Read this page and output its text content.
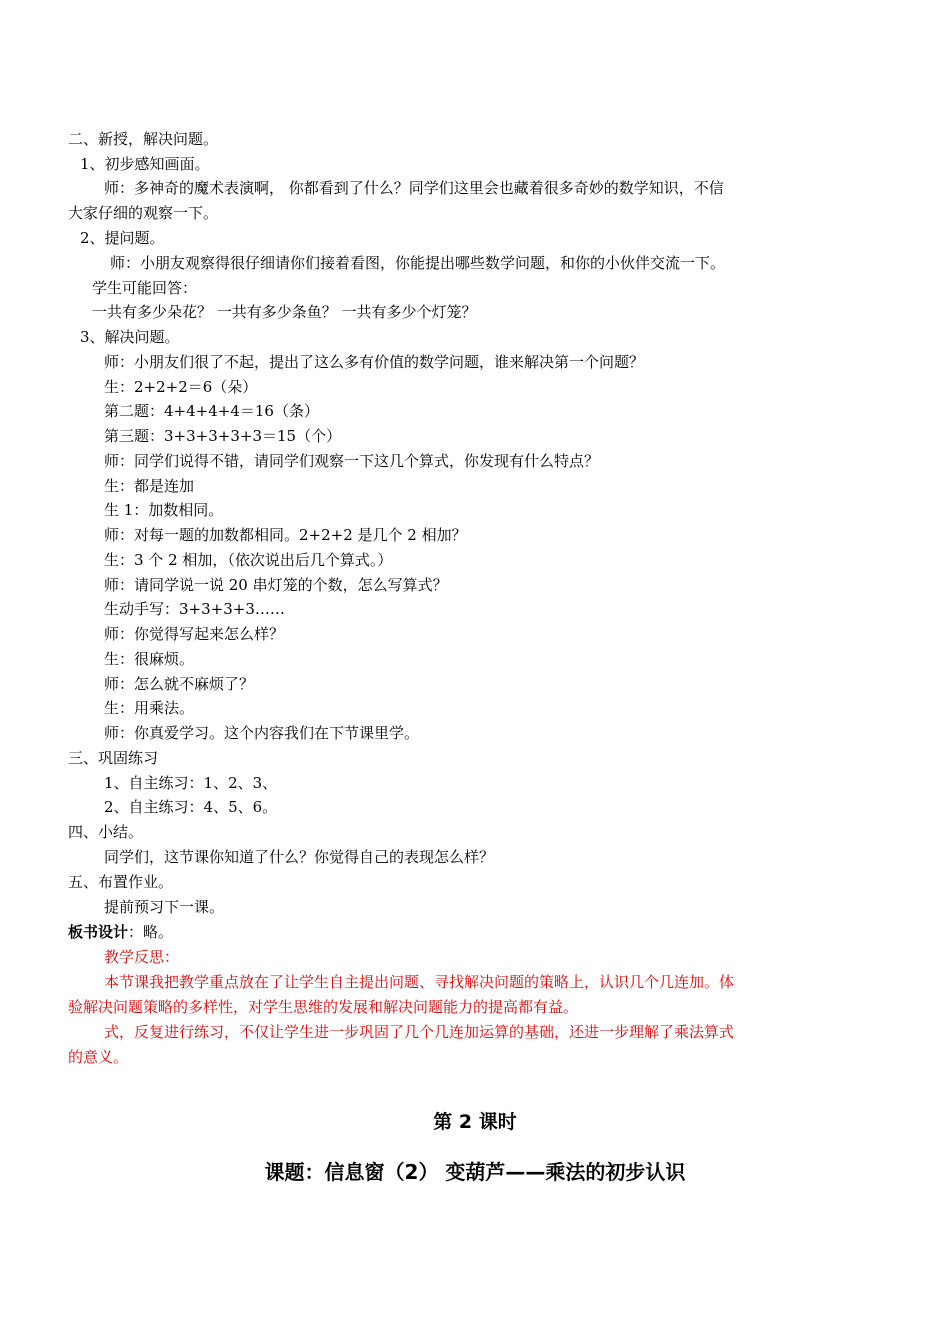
二、新授，解决问题。
1、初步感知画面。
师：多神奇的魔术表演啊， 你都看到了什么？同学们这里会也藏着很多奇妙的数学知识，不信
大家仔细的观察一下。
2、提问题。
师：小朋友观察得很仔细请你们接着看图，你能提出哪些数学问题，和你的小伙伴交流一下。
学生可能回答：
一共有多少朵花？ 一共有多少条鱼？ 一共有多少个灯笼？
3、解决问题。
师：小朋友们很了不起，提出了这么多有价值的数学问题，谁来解决第一个问题？
生：2+2+2＝6（朵）
第二题：4+4+4+4＝16（条）
第三题：3+3+3+3+3＝15（个）
师：同学们说得不错，请同学们观察一下这几个算式，你发现有什么特点？
生：都是连加
生 1：加数相同。
师：对每一题的加数都相同。2+2+2 是几个 2 相加？
生：3 个 2 相加，（依次说出后几个算式。）
师：请同学说一说 20 串灯笼的个数，怎么写算式？
生动手写：3+3+3+3……
师：你觉得写起来怎么样？
生：很麻烦。
师：怎么就不麻烦了？
生：用乘法。
师：你真爱学习。这个内容我们在下节课里学。
三、巩固练习
1、自主练习：1、2、3、
2、自主练习：4、5、6。
四、小结。
同学们，这节课你知道了什么？你觉得自己的表现怎么样？
五、布置作业。
提前预习下一课。
板书设计：略。
教学反思：
本节课我把教学重点放在了让学生自主提出问题、寻找解决问题的策略上，认识几个几连加。体
验解决问题策略的多样性，对学生思维的发展和解决问题能力的提高都有益。
式，反复进行练习，不仅让学生进一步巩固了几个几连加运算的基础，还进一步理解了乘法算式
的意义。
第 2 课时
课题：信息窗（2） 变葫芦——乘法的初步认识
